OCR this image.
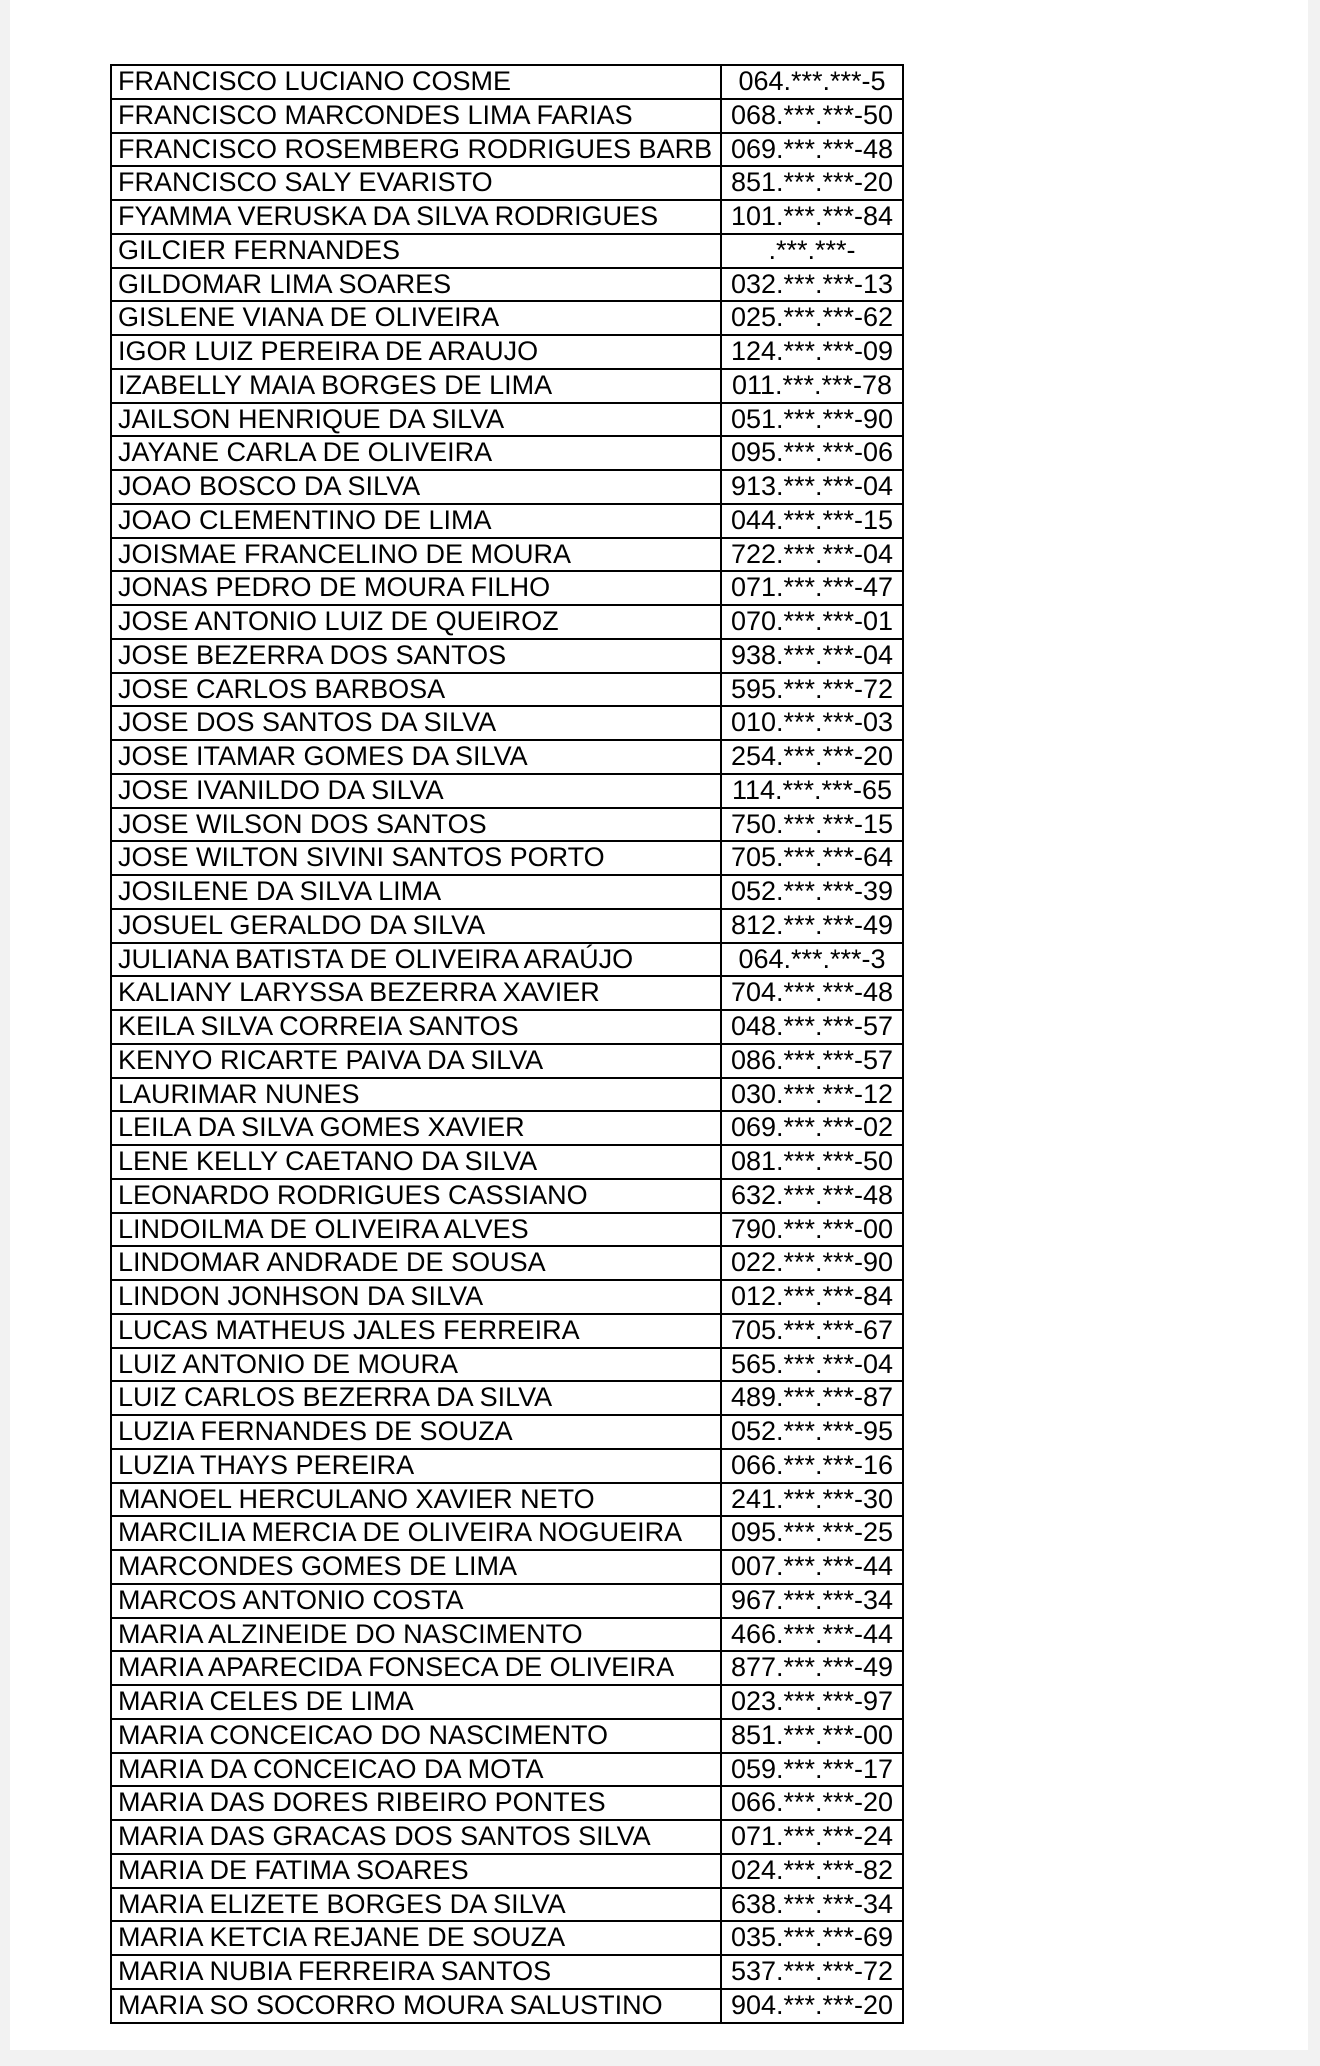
FRANCISCO LUCIANO COSME	064.***.***-5
FRANCISCO MARCONDES LIMA FARIAS	068.***.***-50
FRANCISCO ROSEMBERG RODRIGUES BARB 069.***.***-48
FRANCISCO SALY EVARISTO	851.***.***-20
FYAMMA VERUSKA DA SILVA RODRIGUES	101.***.***-84
GILCIER FERNANDES	.***.***-
GILDOMAR LIMA SOARES	032.***.***-13
GISLENE VIANA DE OLIVEIRA	025.***.***-62
IGOR LUIZ PEREIRA DE ARAUJO	124.***.***-09
IZABELLY MAIA BORGES DE LIMA	011.***.***-78
JAILSON HENRIQUE DA SILVA	051.***.***-90
JAYANE CARLA DE OLIVEIRA	095.***.***-06
JOAO BOSCO DA SILVA	913.***.***-04
JOAO CLEMENTINO DE LIMA	044.***.***-15
JOISMAE FRANCELINO DE MOURA	722.***.***-04
JONAS PEDRO DE MOURA FILHO	071.***.***-47
JOSE ANTONIO LUIZ DE QUEIROZ	070.***.***-01
JOSE BEZERRA DOS SANTOS	938.***.***-04
JOSE CARLOS BARBOSA	595.***.***-72
JOSE DOS SANTOS DA SILVA	010.***.***-03
JOSE ITAMAR GOMES DA SILVA	254.***.***-20
JOSE IVANILDO DA SILVA	114.***.***-65
JOSE WILSON DOS SANTOS	750.***.***-15
JOSE WILTON SIVINI SANTOS PORTO	705.***.***-64
JOSILENE DA SILVA LIMA	052.***.***-39
JOSUEL GERALDO DA SILVA	812.***.***-49
JULIANA BATISTA DE OLIVEIRA ARAÚJO	064.***.***-3
KALIANY LARYSSA BEZERRA XAVIER	704.***.***-48
KEILA SILVA CORREIA SANTOS	048.***.***-57
KENYO RICARTE PAIVA DA SILVA	086.***.***-57
LAURIMAR NUNES	030.***.***-12
LEILA DA SILVA GOMES XAVIER	069.***.***-02
LENE KELLY CAETANO DA SILVA	081.***.***-50
LEONARDO RODRIGUES CASSIANO	632.***.***-48
LINDOILMA DE OLIVEIRA ALVES	790.***.***-00
LINDOMAR ANDRADE DE SOUSA	022.***.***-90
LINDON JONHSON DA SILVA	012.***.***-84
LUCAS MATHEUS JALES FERREIRA	705.***.***-67
LUIZ ANTONIO DE MOURA	565.***.***-04
LUIZ CARLOS BEZERRA DA SILVA	489.***.***-87
LUZIA FERNANDES DE SOUZA	052.***.***-95
LUZIA THAYS PEREIRA	066.***.***-16
MANOEL HERCULANO XAVIER NETO	241.***.***-30
MARCILIA MERCIA DE OLIVEIRA NOGUEIRA	095.***.***-25
MARCONDES GOMES DE LIMA	007.***.***-44
MARCOS ANTONIO COSTA	967.***.***-34
MARIA ALZINEIDE DO NASCIMENTO	466.***.***-44
MARIA APARECIDA FONSECA DE OLIVEIRA	877.***.***-49
MARIA CELES DE LIMA	023.***.***-97
MARIA CONCEICAO DO NASCIMENTO	851.***.***-00
MARIA DA CONCEICAO DA MOTA	059.***.***-17
MARIA DAS DORES RIBEIRO PONTES	066.***.***-20
MARIA DAS GRACAS DOS SANTOS SILVA	071.***.***-24
MARIA DE FATIMA SOARES	024.***.***-82
MARIA ELIZETE BORGES DA SILVA	638.***.***-34
MARIA KETCIA REJANE DE SOUZA	035.***.***-69
MARIA NUBIA FERREIRA SANTOS	537.***.***-72
MARIA SO SOCORRO MOURA SALUSTINO	904.***.***-20
